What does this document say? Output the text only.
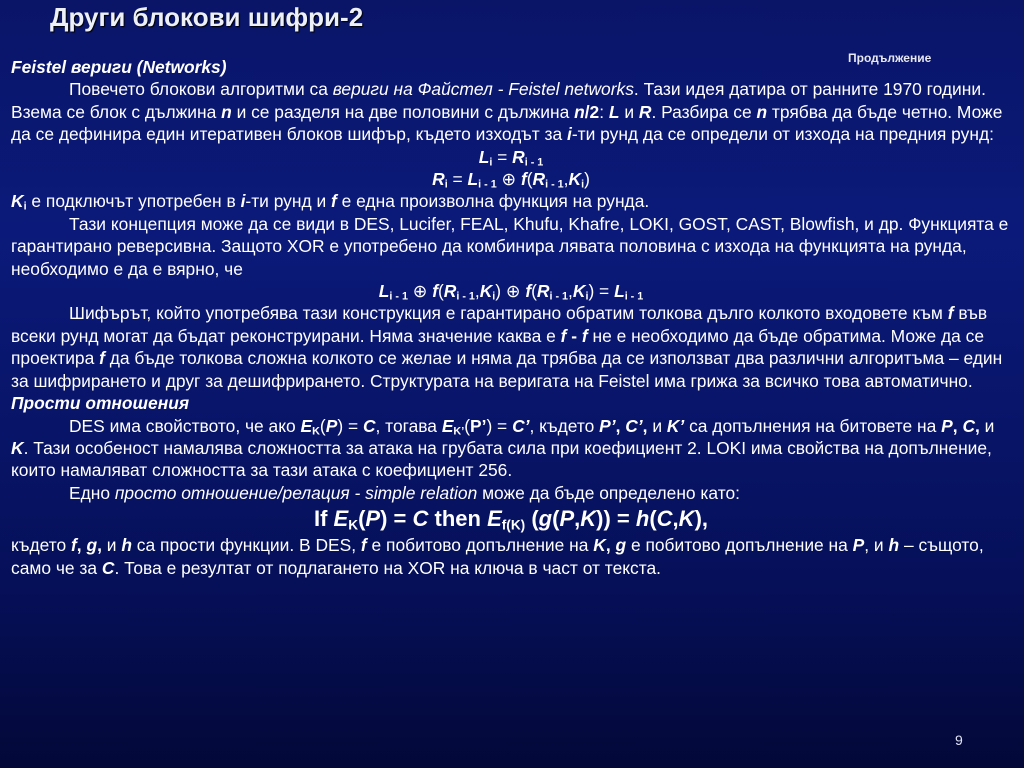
Други блокови шифри-2
Продължение

Feistel вериги (Networks)

Повечето блокови алгоритми са вериги на Файстел - Feistel networks. Тази идея датира от ранните 1970 години. Взема се блок с дължина n и се разделя на две половини с дължина n/2: L и R. Разбира се n трябва да бъде четно. Може да се дефинира един итеративен блоков шифър, където изходът за i-ти рунд да се определи от изхода на предния рунд:

$L_i = R_{i - 1}$

$R_i = L_{i - 1}$ ⊕ $f(R_{i - 1},K_i)$

$K_i$ е подключът употребен в i-ти рунд и f е една произволна функция на рунда.

Тази концепция може да се види в DES, Lucifer, FEAL, Khufu, Khafre, LOKI, GOST, CAST, Blowfish, и др. Функцията е гарантирано реверсивна. Защото XOR е употребено да комбинира лявата половина с изхода на функцията на рунда, необходимо е да е вярно, че

$L_{i - 1}$ ⊕ $f(R_{i - 1},K_i)$ ⊕ $f(R_{i - 1},K_i) = L_{i - 1}$

Шифърът, който употребява тази конструкция е гарантирано обратим толкова дълго колкото входовете към f във всеки рунд могат да бъдат реконструирани. Няма значение каква е f - f не е необходимо да бъде обратима. Може да се проектира f да бъде толкова сложна колкото се желае и няма да трябва да се използват два различни алгоритъма – един за шифрирането и друг за дешифрирането. Структурата на веригата на Feistel има грижа за всичко това автоматично.

Прости отношения

DES има свойството, че ако $E_K(P) = C$, тогава $E_{K’}(P’) = C$’, където P’, C’, и K’ са допълнения на битовете на P, C, и K. Тази особеност намалява сложността за атака на грубата сила при коефициент 2. LOKI има свойства на допълнение, които намаляват сложността за тази атака с коефициент 256.

Едно просто отношение/релация - simple relation може да бъде определено като:

If $E_K(P) = C$ then $E_{f(K)}$ (g(P,K)) = h(C,K),

където f, g, и h са прости функции. В DES, f е побитово допълнение на K, g е побитово допълнение на P, и h – същото, само че за C. Това е резултат от подлагането на XOR на ключа в част от текста.

9
